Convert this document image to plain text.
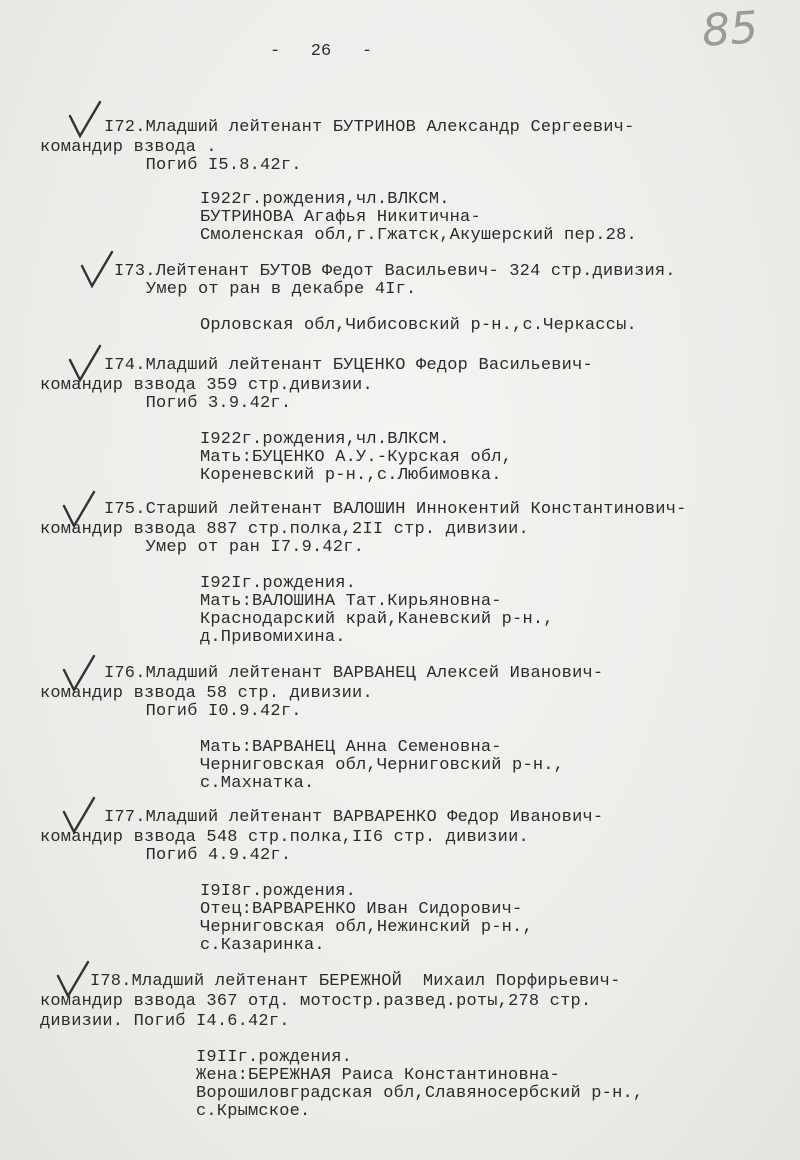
-   26   -	85
I72.Младший лейтенант БУТРИНОВ Александр Сергеевич-
командир взвода .
Погиб I5.8.42г.
I922г.рождения,чл.ВЛКСМ.
БУТРИНОВА Агафья Никитична-
Смоленская обл,г.Гжатск,Акушерский пер.28.
I73.Лейтенант БУТОВ Федот Васильевич- 324 стр.дивизия.
Умер от ран в декабре 4Iг.
Орловская обл,Чибисовский р-н.,с.Черкассы.
I74.Младший лейтенант БУЦЕНКО Федор Васильевич-
командир взвода 359 стр.дивизии.
Погиб 3.9.42г.
I922г.рождения,чл.ВЛКСМ.
Мать:БУЦЕНКО А.У.-Курская обл,
Кореневский р-н.,с.Любимовка.
I75.Старший лейтенант ВАЛОШИН Иннокентий Константинович-
командир взвода 887 стр.полка,2II стр. дивизии.
Умер от ран I7.9.42г.
I92Iг.рождения.
Мать:ВАЛОШИНА Тат.Кирьяновна-
Краснодарский край,Каневский р-н.,
д.Привомихина.
I76.Младший лейтенант ВАРВАНЕЦ Алексей Иванович-
командир взвода 58 стр. дивизии.
Погиб I0.9.42г.
Мать:ВАРВАНЕЦ Анна Семеновна-
Черниговская обл,Черниговский р-н.,
с.Махнатка.
I77.Младший лейтенант ВАРВАРЕНКО Федор Иванович-
командир взвода 548 стр.полка,II6 стр. дивизии.
Погиб 4.9.42г.
I9I8г.рождения.
Отец:ВАРВАРЕНКО Иван Сидорович-
Черниговская обл,Нежинский р-н.,
с.Казаринка.
I78.Младший лейтенант БЕРЕЖНОЙ  Михаил Порфирьевич-
командир взвода 367 отд. мотостр.развед.роты,278 стр.
дивизии. Погиб I4.6.42г.
I9IIг.рождения.
Жена:БЕРЕЖНАЯ Раиса Константиновна-
Ворошиловградская обл,Славяносербский р-н.,
с.Крымское.
